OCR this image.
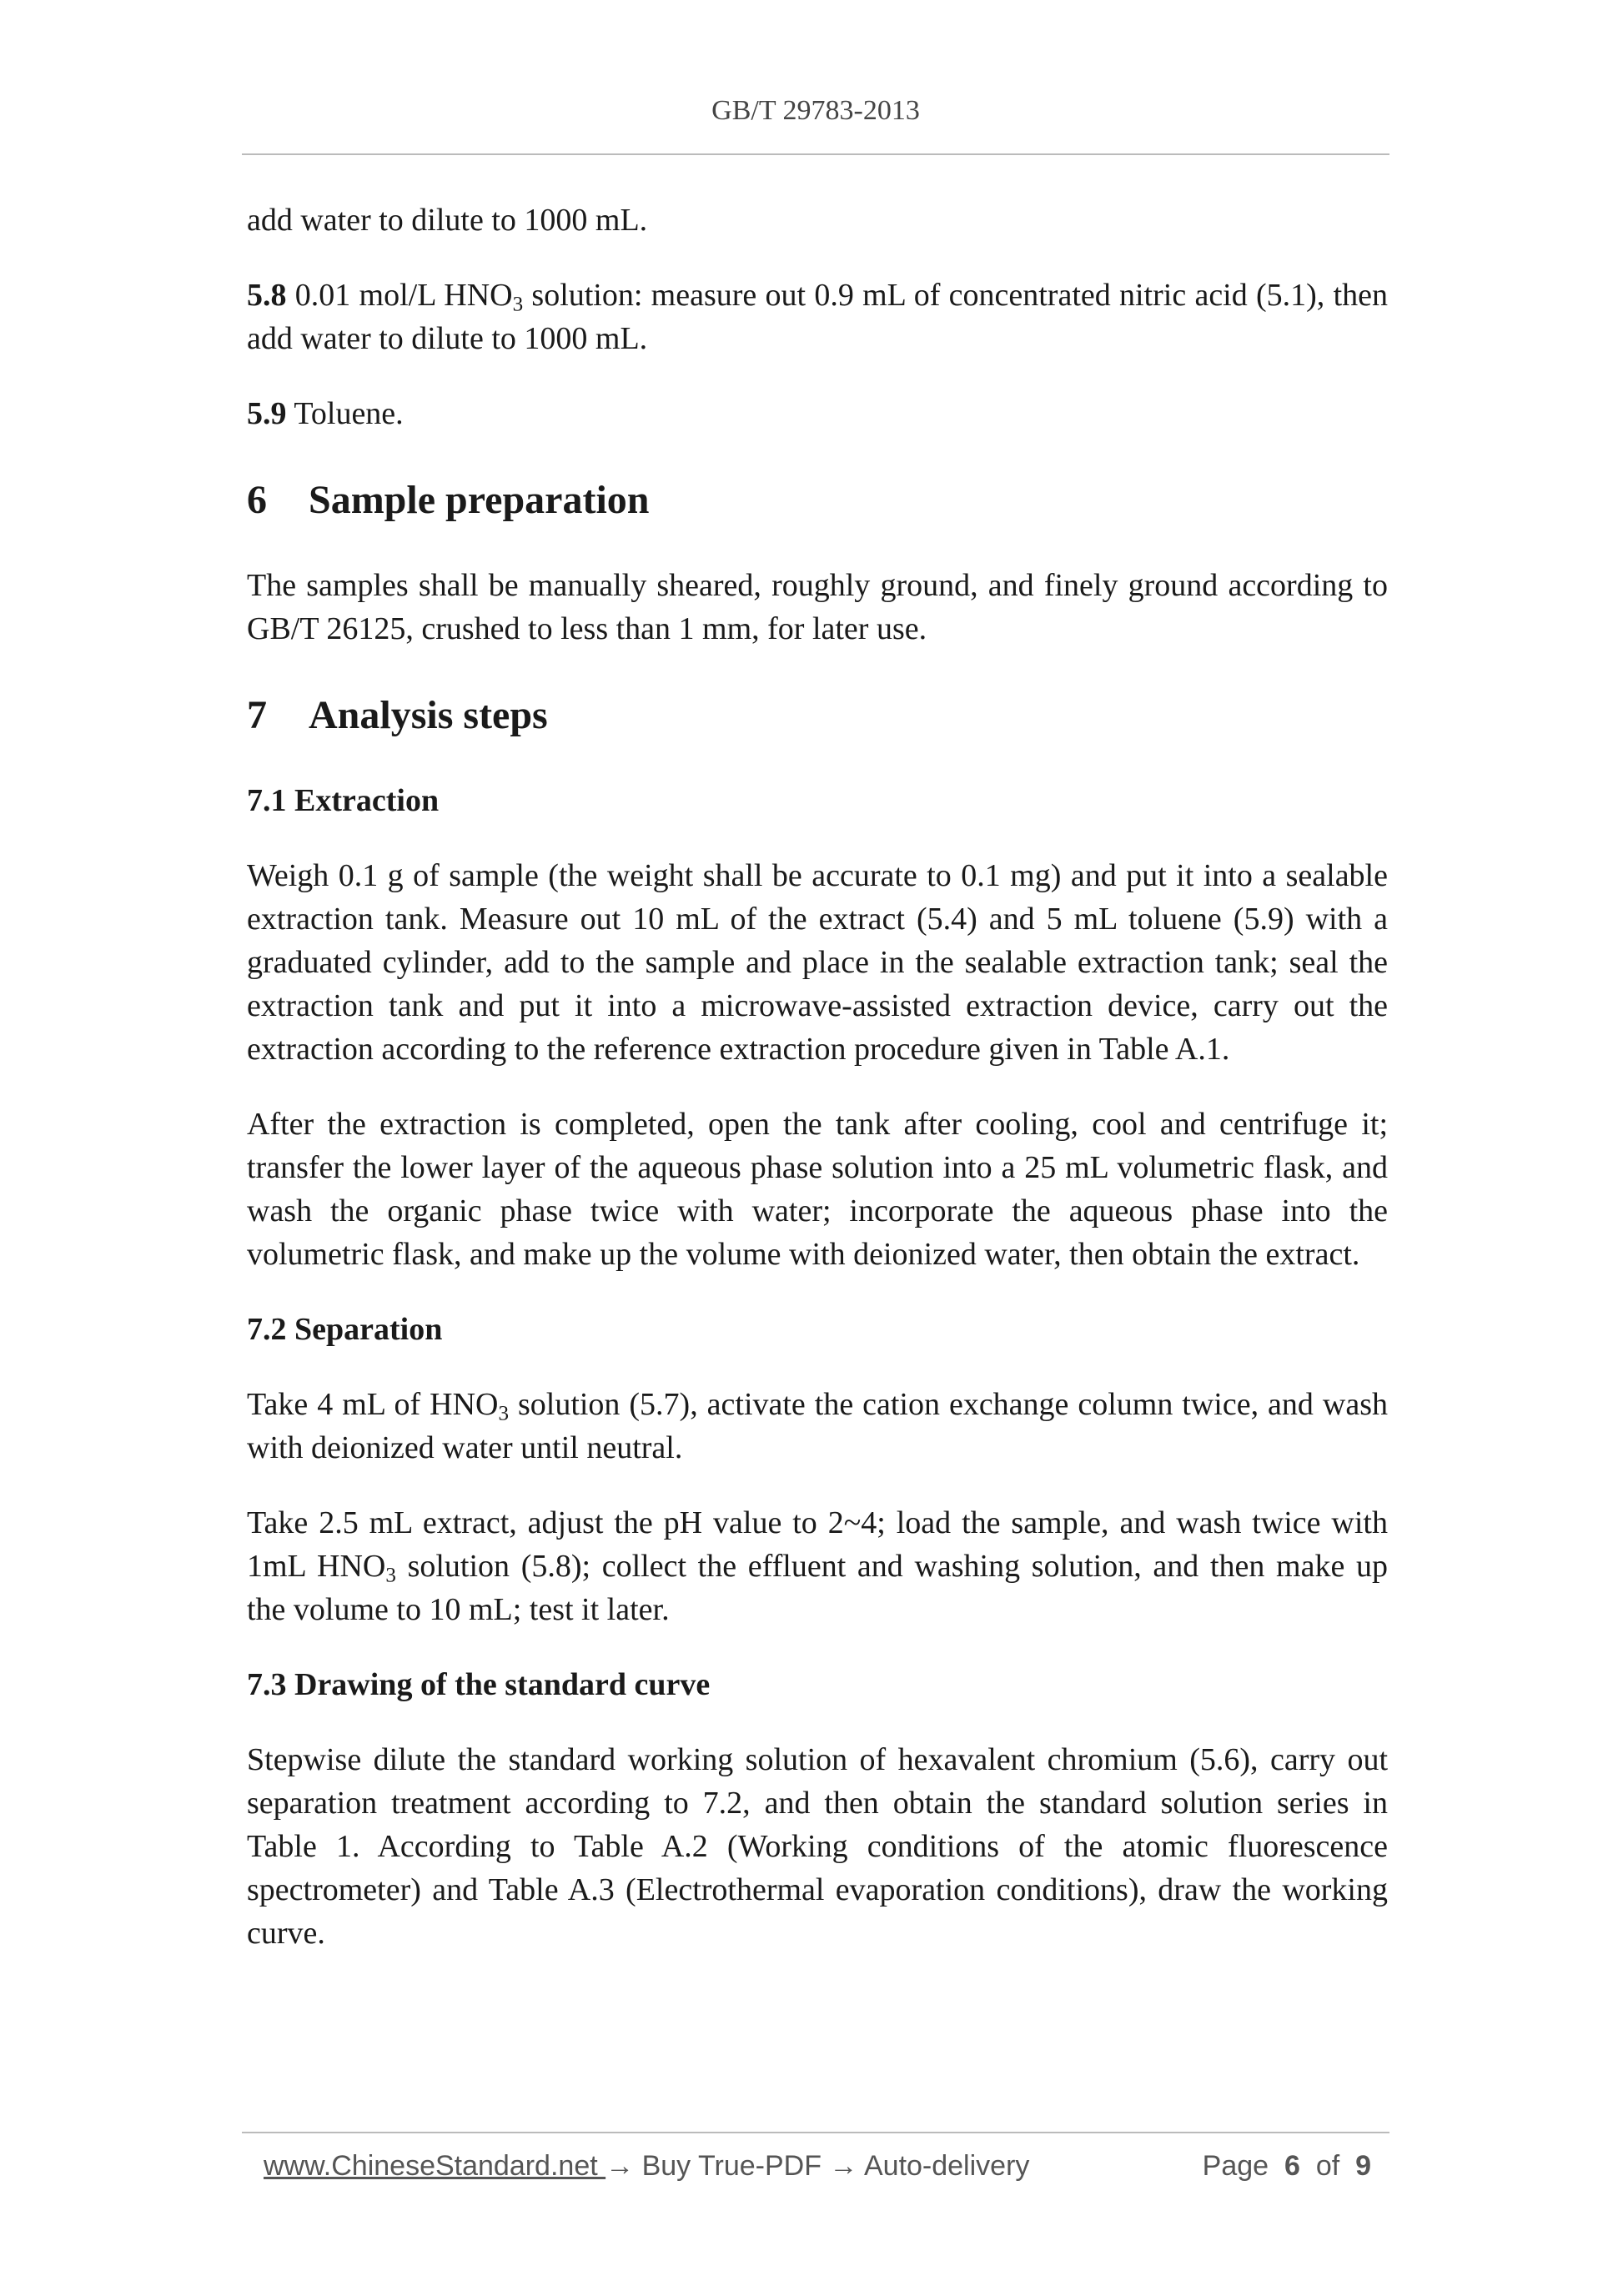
GB/T 29783-2013

add water to dilute to 1000 mL.

5.8 0.01 mol/L $HNO_3$ solution: measure out 0.9 mL of concentrated nitric acid (5.1), then add water to dilute to 1000 mL.

5.9 Toluene.

6 Sample preparation

The samples shall be manually sheared, roughly ground, and finely ground according to GB/T 26125, crushed to less than 1 mm, for later use.

7 Analysis steps
7.1 Extraction

Weigh 0.1 g of sample (the weight shall be accurate to 0.1 mg) and put it into a sealable extraction tank. Measure out 10 mL of the extract (5.4) and 5 mL toluene (5.9) with a graduated cylinder, add to the sample and place in the sealable extraction tank; seal the extraction tank and put it into a microwave-assisted extraction device, carry out the extraction according to the reference extraction procedure given in Table A.1.

After the extraction is completed, open the tank after cooling, cool and centrifuge it; transfer the lower layer of the aqueous phase solution into a 25 mL volumetric flask, and wash the organic phase twice with water; incorporate the aqueous phase into the volumetric flask, and make up the volume with deionized water, then obtain the extract.

7.2 Separation

Take 4 mL of $HNO_3$ solution (5.7), activate the cation exchange column twice, and wash with deionized water until neutral.

Take 2.5 mL extract, adjust the pH value to 2~4; load the sample, and wash twice with 1mL $HNO_3$ solution (5.8); collect the effluent and washing solution, and then make up the volume to 10 mL; test it later.

7.3 Drawing of the standard curve

Stepwise dilute the standard working solution of hexavalent chromium (5.6), carry out separation treatment according to 7.2, and then obtain the standard solution series in Table 1. According to Table A.2 (Working conditions of the atomic fluorescence spectrometer) and Table A.3 (Electrothermal evaporation conditions), draw the working curve.

www.ChineseStandard.net → Buy True-PDF → Auto-delivery	Page 6 of 9
